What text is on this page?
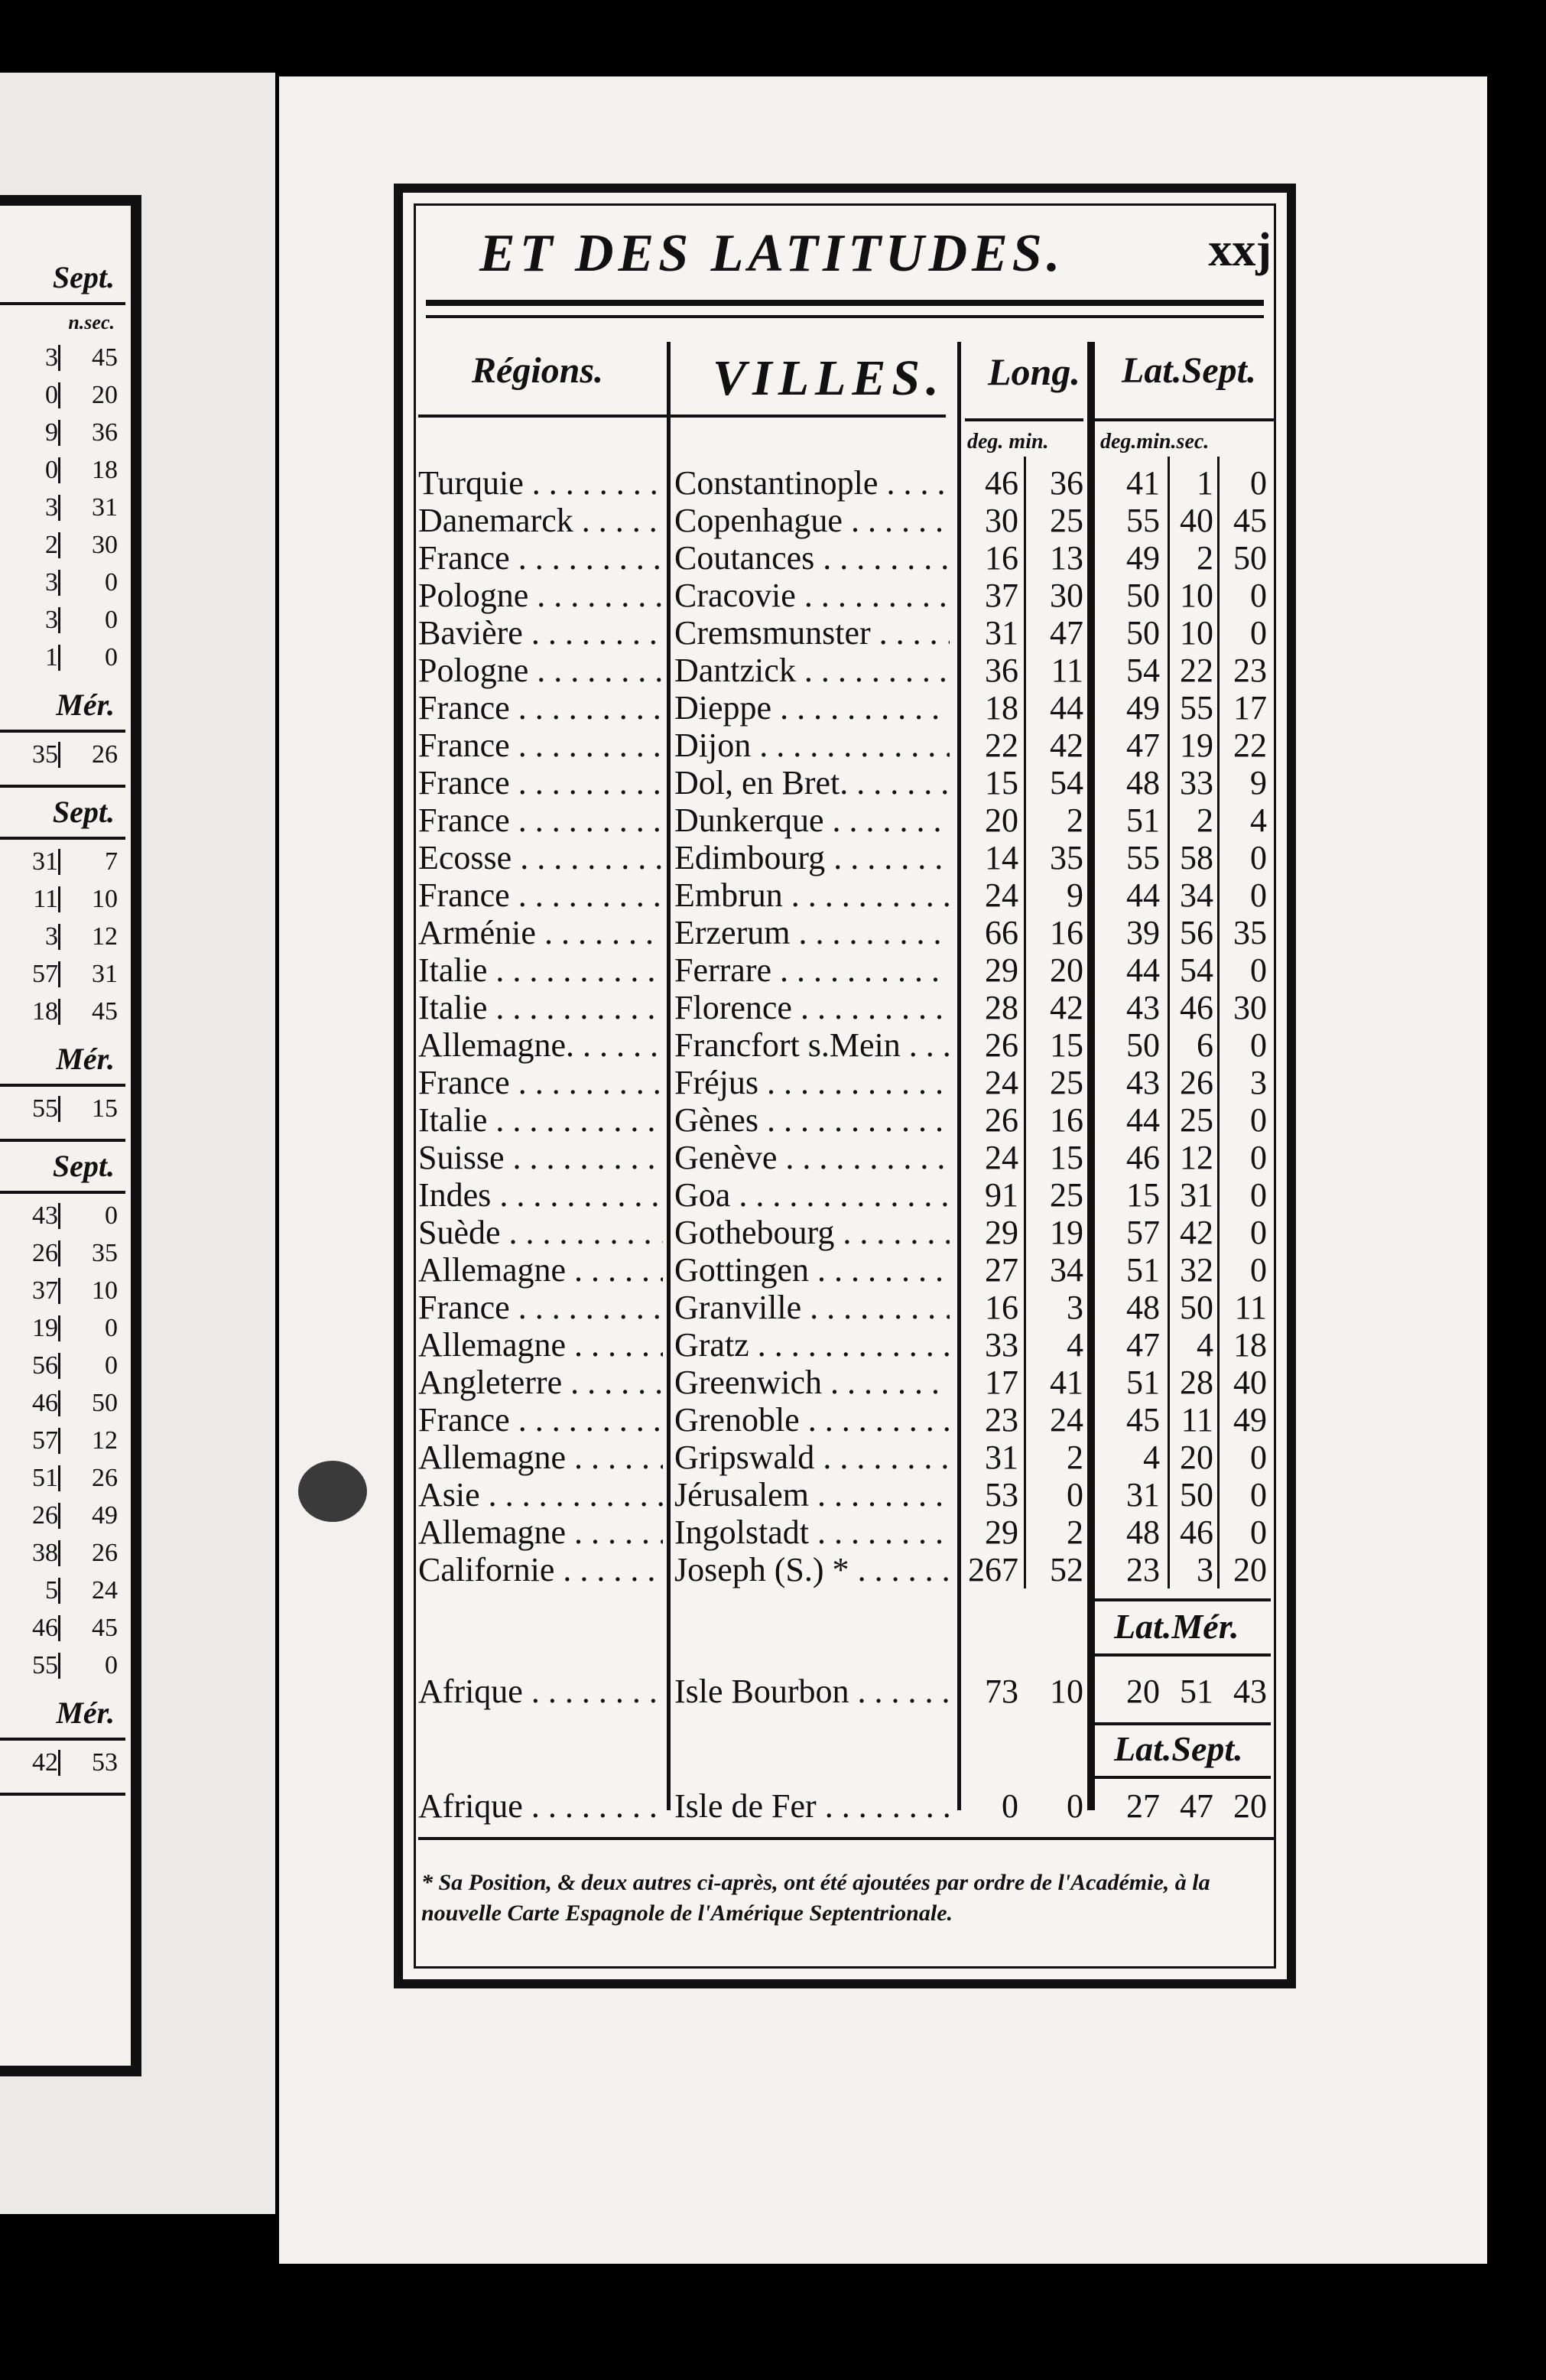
Sept.
n.sec.
3 45
0 20
9 36
0 18
3 31
2 30
3 0
3 0
1 0
Mér.
35 26
Sept.
31 7
11 10
3 12
57 31
18 45
Mér.
55 15
Sept.
43 0
26 35
37 10
19 0
56 0
46 50
57 12
51 26
26 49
38 26
5 24
46 45
55 0
Mér.
42 53
ET DES LATITUDES.	xxj
Régions. VILLES. Long. Lat.Sept.
deg. min. deg.min.sec.
Turquie . . .	Constantinople . . .	46 36	41	1	0
Danemarck . . .	Copenhague . . .	30 25	55 40 45
France . . .	Coutances . . .	16 13	49	2 50
Pologne . . .	Cracovie . . .	37 30	50 10	0
Bavière . . .	Cremsmunster . . .	31 47	50 10	0
Pologne . . .	Dantzick . . .	36 11	54 22 23
France . . .	Dieppe . . .	18 44	49 55 17
France . . .	Dijon . . .	22 42	47 19 22
France . . .	Dol, en Bret. . . .	15 54	48 33	9
France . . .	Dunkerque . . .	20	2	51	2	4
Ecosse . . .	Edimbourg . . .	14 35	55 58	0
France . . .	Embrun . . .	24	9	44 34	0
Arménie . . .	Erzerum . . .	66 16	39 56 35
Italie . . .	Ferrare . . .	29 20	44 54	0
Italie . . .	Florence . . .	28 42	43 46 30
Allemagne. . . .	Francfort s.Mein . . .	26 15	50	6	0
France . . .	Fréjus . . .	24 25	43 26	3
Italie . . .	Gènes . . .	26 16	44 25	0
Suisse . . .	Genève . . .	24 15	46 12	0
Indes . . .	Goa . . .	91 25	15 31	0
Suède . . .	Gothebourg . . .	29 19	57 42	0
Allemagne . . .	Gottingen . . .	27 34	51 32	0
France . . .	Granville . . .	16	3	48 50 11
Allemagne . . .	Gratz . . .	33	4	47	4 18
Angleterre . . .	Greenwich . . .	17 41	51 28 40
France . . .	Grenoble . . .	23 24	45 11 49
Allemagne . . .	Gripswald . . .	31	2	4 20	0
Asie . . .	Jérusalem . . .	53	0	31 50	0
Allemagne . . .	Ingolstadt . . .	29	2	48 46	0
Californie . . .	Joseph (S.) * . . .	267 52	23	3 20
Lat.Mér.
Afrique . . .	Isle Bourbon . . .	73 10	20 51 43
Lat.Sept.
Afrique . . .	Isle de Fer . . .	0	0	27 47 20
* Sa Position, & deux autres ci-après, ont été ajoutées par ordre de l'Académie, à la nouvelle Carte Espagnole de l'Amérique Septentrionale.
